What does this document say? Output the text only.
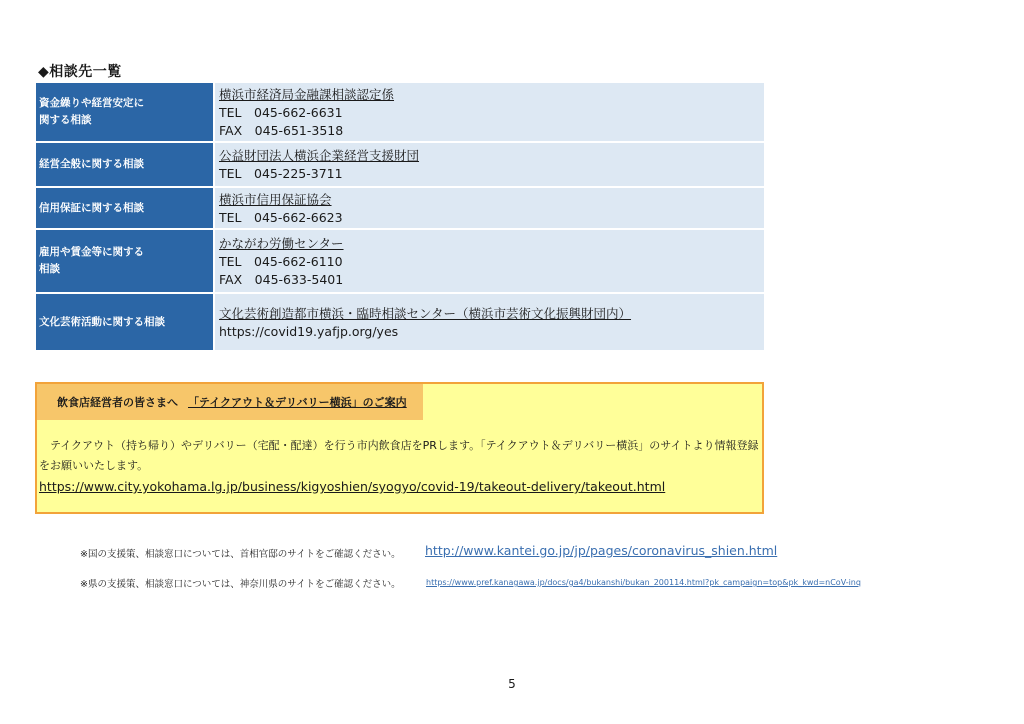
◆相談先一覧
資金繰りや経営安定に
関する相談
横浜市経済局金融課相談認定係
TEL　045-662-6631
FAX　045-651-3518
経営全般に関する相談
公益財団法人横浜企業経営支援財団
TEL　045-225-3711
信用保証に関する相談
横浜市信用保証協会
TEL　045-662-6623
雇用や賃金等に関する
相談
かながわ労働センター
TEL　045-662-6110
FAX　045-633-5401
文化芸術活動に関する相談
文化芸術創造都市横浜・臨時相談センター（横浜市芸術文化振興財団内）
https://covid19.yafjp.org/yes
飲食店経営者の皆さまへ 「テイクアウト＆デリバリー横浜」のご案内
　テイクアウト（持ち帰り）やデリバリー（宅配・配達）を行う市内飲食店をPRします。「テイクアウト＆デリバリー横浜」のサイトより情報登録をお願いいたします。
https://www.city.yokohama.lg.jp/business/kigyoshien/syogyo/covid-19/takeout-delivery/takeout.html
※国の支援策、相談窓口については、首相官邸のサイトをご確認ください。 http://www.kantei.go.jp/jp/pages/coronavirus_shien.html
※県の支援策、相談窓口については、神奈川県のサイトをご確認ください。	https://www.pref.kanagawa.jp/docs/ga4/bukanshi/bukan_200114.html?pk_campaign=top&pk_kwd=nCoV-inq
5
